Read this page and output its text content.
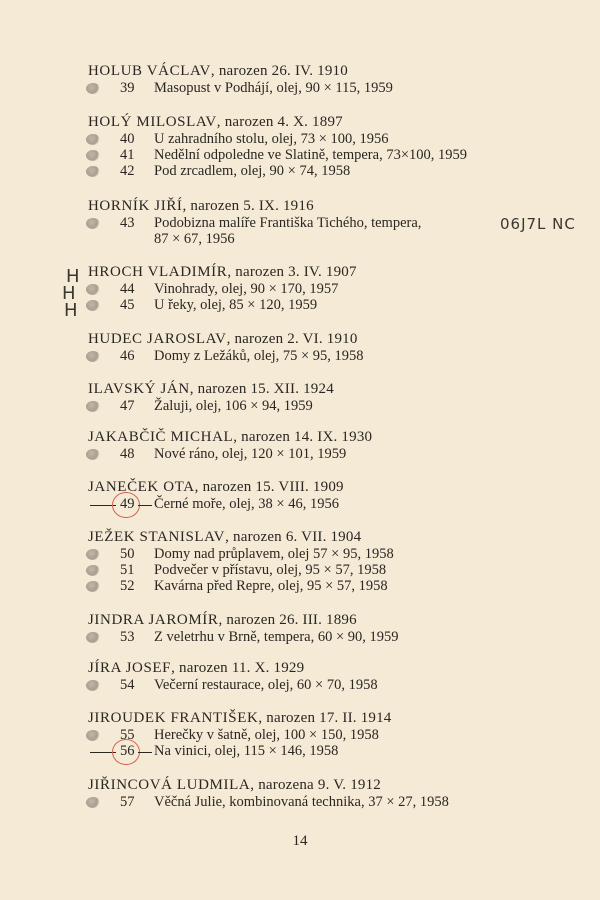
HOLUB VÁCLAV, narozen 26. IV. 1910
39 Masopust v Podhájí, olej, 90 × 115, 1959
HOLÝ MILOSLAV, narozen 4. X. 1897
40 U zahradního stolu, olej, 73 × 100, 1956
41 Nedělní odpoledne ve Slatině, tempera, 73×100, 1959
42 Pod zrcadlem, olej, 90 × 74, 1958
HORNÍK JIŘÍ, narozen 5. IX. 1916
43 Podobizna malíře Františka Tichého, tempera,
87 × 67, 1956
06J7L NC
HROCH VLADIMÍR, narozen 3. IV. 1907
44 Vinohrady, olej, 90 × 170, 1957
45 U řeky, olej, 85 × 120, 1959
H
H
H
HUDEC JAROSLAV, narozen 2. VI. 1910
46 Domy z Ležáků, olej, 75 × 95, 1958
ILAVSKÝ JÁN, narozen 15. XII. 1924
47 Žaluji, olej, 106 × 94, 1959
JAKABČIČ MICHAL, narozen 14. IX. 1930
48 Nové ráno, olej, 120 × 101, 1959
JANEČEK OTA, narozen 15. VIII. 1909
49 Černé moře, olej, 38 × 46, 1956
JEŽEK STANISLAV, narozen 6. VII. 1904
50 Domy nad průplavem, olej 57 × 95, 1958
51 Podvečer v přístavu, olej, 95 × 57, 1958
52 Kavárna před Repre, olej, 95 × 57, 1958
JINDRA JAROMÍR, narozen 26. III. 1896
53 Z veletrhu v Brně, tempera, 60 × 90, 1959
JÍRA JOSEF, narozen 11. X. 1929
54 Večerní restaurace, olej, 60 × 70, 1958
JIROUDEK FRANTIŠEK, narozen 17. II. 1914
55 Herečky v šatně, olej, 100 × 150, 1958
56 Na vinici, olej, 115 × 146, 1958
JIŘINCOVÁ LUDMILA, narozena 9. V. 1912
57 Věčná Julie, kombinovaná technika, 37 × 27, 1958
14
